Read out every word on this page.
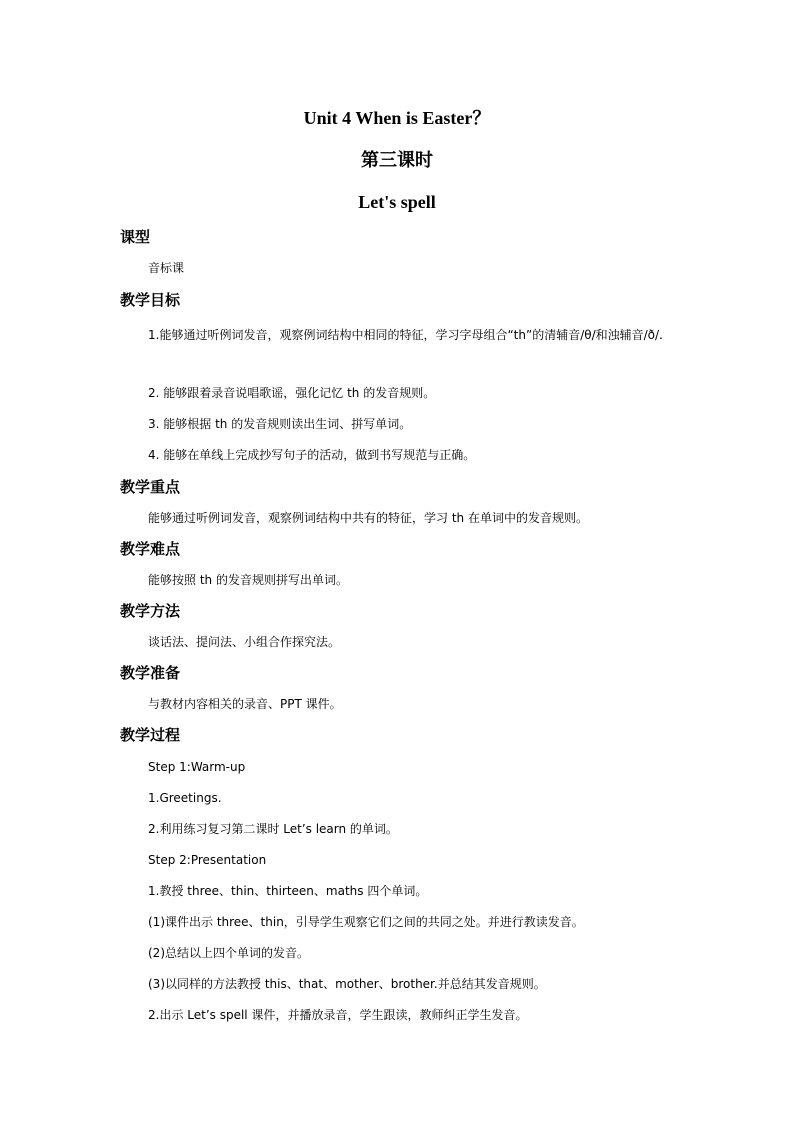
Unit 4 When is Easter？
第三课时
Let's spell
课型
音标课
教学目标
1.能够通过听例词发音，观察例词结构中相同的特征，学习字母组合“th”的清辅音/θ/和浊辅音/ð/.
2. 能够跟着录音说唱歌谣，强化记忆 th 的发音规则。
3. 能够根据 th 的发音规则读出生词、拼写单词。
4. 能够在单线上完成抄写句子的活动，做到书写规范与正确。
教学重点
能够通过听例词发音，观察例词结构中共有的特征，学习 th 在单词中的发音规则。
教学难点
能够按照 th 的发音规则拼写出单词。
教学方法
谈话法、提问法、小组合作探究法。
教学准备
与教材内容相关的录音、PPT 课件。
教学过程
Step 1:Warm-up
1.Greetings.
2.利用练习复习第二课时 Let’s learn 的单词。
Step 2:Presentation
1.教授 three、thin、thirteen、maths 四个单词。
(1)课件出示 three、thin，引导学生观察它们之间的共同之处。并进行教读发音。
(2)总结以上四个单词的发音。
(3)以同样的方法教授 this、that、mother、brother.并总结其发音规则。
2.出示 Let’s spell 课件，并播放录音，学生跟读，教师纠正学生发音。
